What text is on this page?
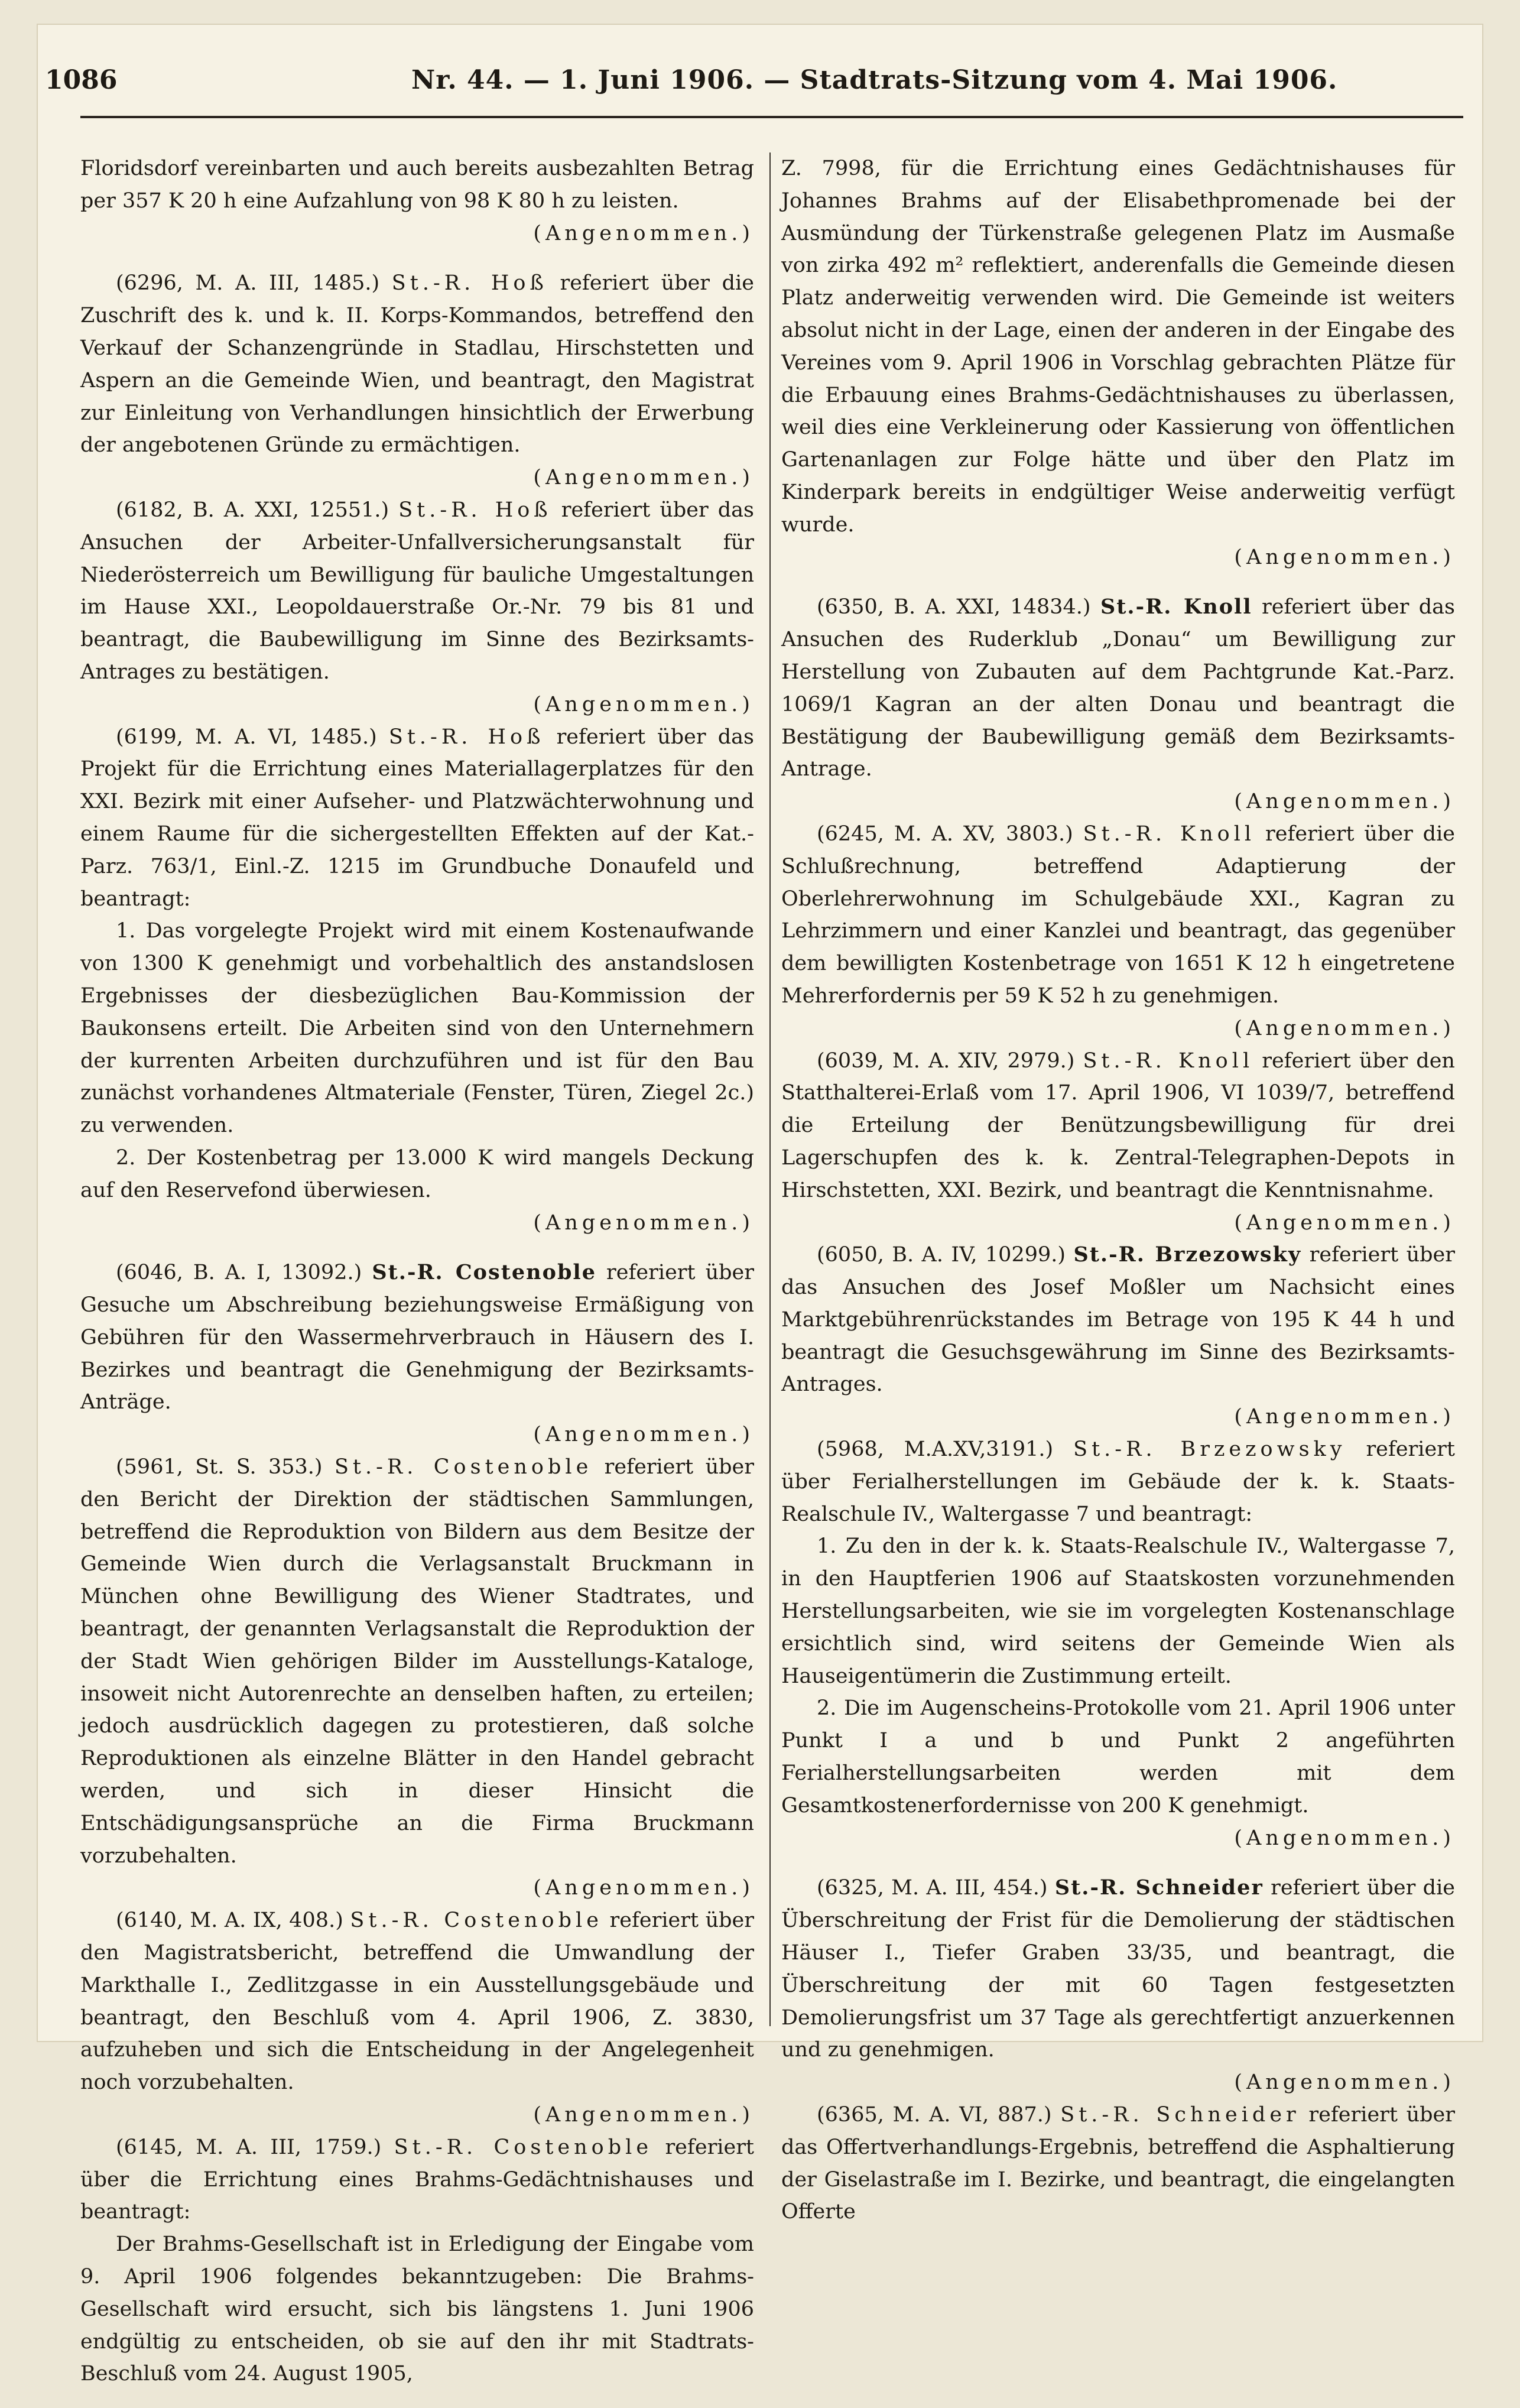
1086	Nr. 44. — 1. Juni 1906. — Stadtrats-Sitzung vom 4. Mai 1906.

Floridsdorf vereinbarten und auch bereits ausbezahlten Betrag per 357 K 20 h eine Aufzahlung von 98 K 80 h zu leisten.
(Angenommen.)

(6296, M. A. III, 1485.) St.-R. Hoß referiert über die Zuschrift des k. und k. II. Korps-Kommandos, betreffend den Verkauf der Schanzengründe in Stadlau, Hirschstetten und Aspern an die Gemeinde Wien, und beantragt, den Magistrat zur Einleitung von Verhandlungen hinsichtlich der Erwerbung der angebotenen Gründe zu ermächtigen.
(Angenommen.)

(6182, B. A. XXI, 12551.) St.-R. Hoß referiert über das Ansuchen der Arbeiter-Unfallversicherungsanstalt für Niederösterreich um Bewilligung für bauliche Umgestaltungen im Hause XXI., Leopoldauerstraße Or.-Nr. 79 bis 81 und beantragt, die Baubewilligung im Sinne des Bezirksamts-Antrages zu bestätigen.
(Angenommen.)

(6199, M. A. VI, 1485.) St.-R. Hoß referiert über das Projekt für die Errichtung eines Materiallagerplatzes für den XXI. Bezirk mit einer Aufseher- und Platzwächterwohnung und einem Raume für die sichergestellten Effekten auf der Kat.-Parz. 763/1, Einl.-Z. 1215 im Grundbuche Donaufeld und beantragt:

1. Das vorgelegte Projekt wird mit einem Kostenaufwande von 1300 K genehmigt und vorbehaltlich des anstandslosen Ergebnisses der diesbezüglichen Bau-Kommission der Baukonsens erteilt. Die Arbeiten sind von den Unternehmern der kurrenten Arbeiten durchzuführen und ist für den Bau zunächst vorhandenes Altmateriale (Fenster, Türen, Ziegel 2c.) zu verwenden.

2. Der Kostenbetrag per 13.000 K wird mangels Deckung auf den Reservefond überwiesen.

(Angenommen.)

(6046, B. A. I, 13092.) St.-R. Costenoble referiert über Gesuche um Abschreibung beziehungsweise Ermäßigung von Gebühren für den Wassermehrverbrauch in Häusern des I. Bezirkes und beantragt die Genehmigung der Bezirksamts-Anträge.
(Angenommen.)

(5961, St. S. 353.) St.-R. Costenoble referiert über den Bericht der Direktion der städtischen Sammlungen, betreffend die Reproduktion von Bildern aus dem Besitze der Gemeinde Wien durch die Verlagsanstalt Bruckmann in München ohne Bewilligung des Wiener Stadtrates, und beantragt, der genannten Verlagsanstalt die Reproduktion der der Stadt Wien gehörigen Bilder im Ausstellungs-Kataloge, insoweit nicht Autorenrechte an denselben haften, zu erteilen; jedoch ausdrücklich dagegen zu protestieren, daß solche Reproduktionen als einzelne Blätter in den Handel gebracht werden, und sich in dieser Hinsicht die Entschädigungsansprüche an die Firma Bruckmann vorzubehalten.
(Angenommen.)

(6140, M. A. IX, 408.) St.-R. Costenoble referiert über den Magistratsbericht, betreffend die Umwandlung der Markthalle I., Zedlitzgasse in ein Ausstellungsgebäude und beantragt, den Beschluß vom 4. April 1906, Z. 3830, aufzuheben und sich die Entscheidung in der Angelegenheit noch vorzubehalten.
(Angenommen.)

(6145, M. A. III, 1759.) St.-R. Costenoble referiert über die Errichtung eines Brahms-Gedächtnishauses und beantragt:

Der Brahms-Gesellschaft ist in Erledigung der Eingabe vom 9. April 1906 folgendes bekanntzugeben: Die Brahms-Gesellschaft wird ersucht, sich bis längstens 1. Juni 1906 endgültig zu entscheiden, ob sie auf den ihr mit Stadtrats-Beschluß vom 24. August 1905,

Z. 7998, für die Errichtung eines Gedächtnishauses für Johannes Brahms auf der Elisabethpromenade bei der Ausmündung der Türkenstraße gelegenen Platz im Ausmaße von zirka 492 m² reflektiert, anderenfalls die Gemeinde diesen Platz anderweitig verwenden wird. Die Gemeinde ist weiters absolut nicht in der Lage, einen der anderen in der Eingabe des Vereines vom 9. April 1906 in Vorschlag gebrachten Plätze für die Erbauung eines Brahms-Gedächtnishauses zu überlassen, weil dies eine Verkleinerung oder Kassierung von öffentlichen Gartenanlagen zur Folge hätte und über den Platz im Kinderpark bereits in endgültiger Weise anderweitig verfügt wurde.
(Angenommen.)

(6350, B. A. XXI, 14834.) St.-R. Knoll referiert über das Ansuchen des Ruderklub „Donau“ um Bewilligung zur Herstellung von Zubauten auf dem Pachtgrunde Kat.-Parz. 1069/1 Kagran an der alten Donau und beantragt die Bestätigung der Baubewilligung gemäß dem Bezirksamts-Antrage.
(Angenommen.)

(6245, M. A. XV, 3803.) St.-R. Knoll referiert über die Schlußrechnung, betreffend Adaptierung der Oberlehrerwohnung im Schulgebäude XXI., Kagran zu Lehrzimmern und einer Kanzlei und beantragt, das gegenüber dem bewilligten Kostenbetrage von 1651 K 12 h eingetretene Mehrerfordernis per 59 K 52 h zu genehmigen.
(Angenommen.)

(6039, M. A. XIV, 2979.) St.-R. Knoll referiert über den Statthalterei-Erlaß vom 17. April 1906, VI 1039/7, betreffend die Erteilung der Benützungsbewilligung für drei Lagerschupfen des k. k. Zentral-Telegraphen-Depots in Hirschstetten, XXI. Bezirk, und beantragt die Kenntnisnahme.
(Angenommen.)

(6050, B. A. IV, 10299.) St.-R. Brzezowsky referiert über das Ansuchen des Josef Moßler um Nachsicht eines Marktgebührenrückstandes im Betrage von 195 K 44 h und beantragt die Gesuchsgewährung im Sinne des Bezirksamts-Antrages.
(Angenommen.)

(5968, M.A.XV,3191.) St.-R. Brzezowsky referiert über Ferialherstellungen im Gebäude der k. k. Staats-Realschule IV., Waltergasse 7 und beantragt:

1. Zu den in der k. k. Staats-Realschule IV., Waltergasse 7, in den Hauptferien 1906 auf Staatskosten vorzunehmenden Herstellungsarbeiten, wie sie im vorgelegten Kostenanschlage ersichtlich sind, wird seitens der Gemeinde Wien als Hauseigentümerin die Zustimmung erteilt.

2. Die im Augenscheins-Protokolle vom 21. April 1906 unter Punkt I a und b und Punkt 2 angeführten Ferialherstellungsarbeiten werden mit dem Gesamtkostenerfordernisse von 200 K genehmigt.

(Angenommen.)

(6325, M. A. III, 454.) St.-R. Schneider referiert über die Überschreitung der Frist für die Demolierung der städtischen Häuser I., Tiefer Graben 33/35, und beantragt, die Überschreitung der mit 60 Tagen festgesetzten Demolierungsfrist um 37 Tage als gerechtfertigt anzuerkennen und zu genehmigen.
(Angenommen.)

(6365, M. A. VI, 887.) St.-R. Schneider referiert über das Offertverhandlungs-Ergebnis, betreffend die Asphaltierung der Giselastraße im I. Bezirke, und beantragt, die eingelangten Offerte
